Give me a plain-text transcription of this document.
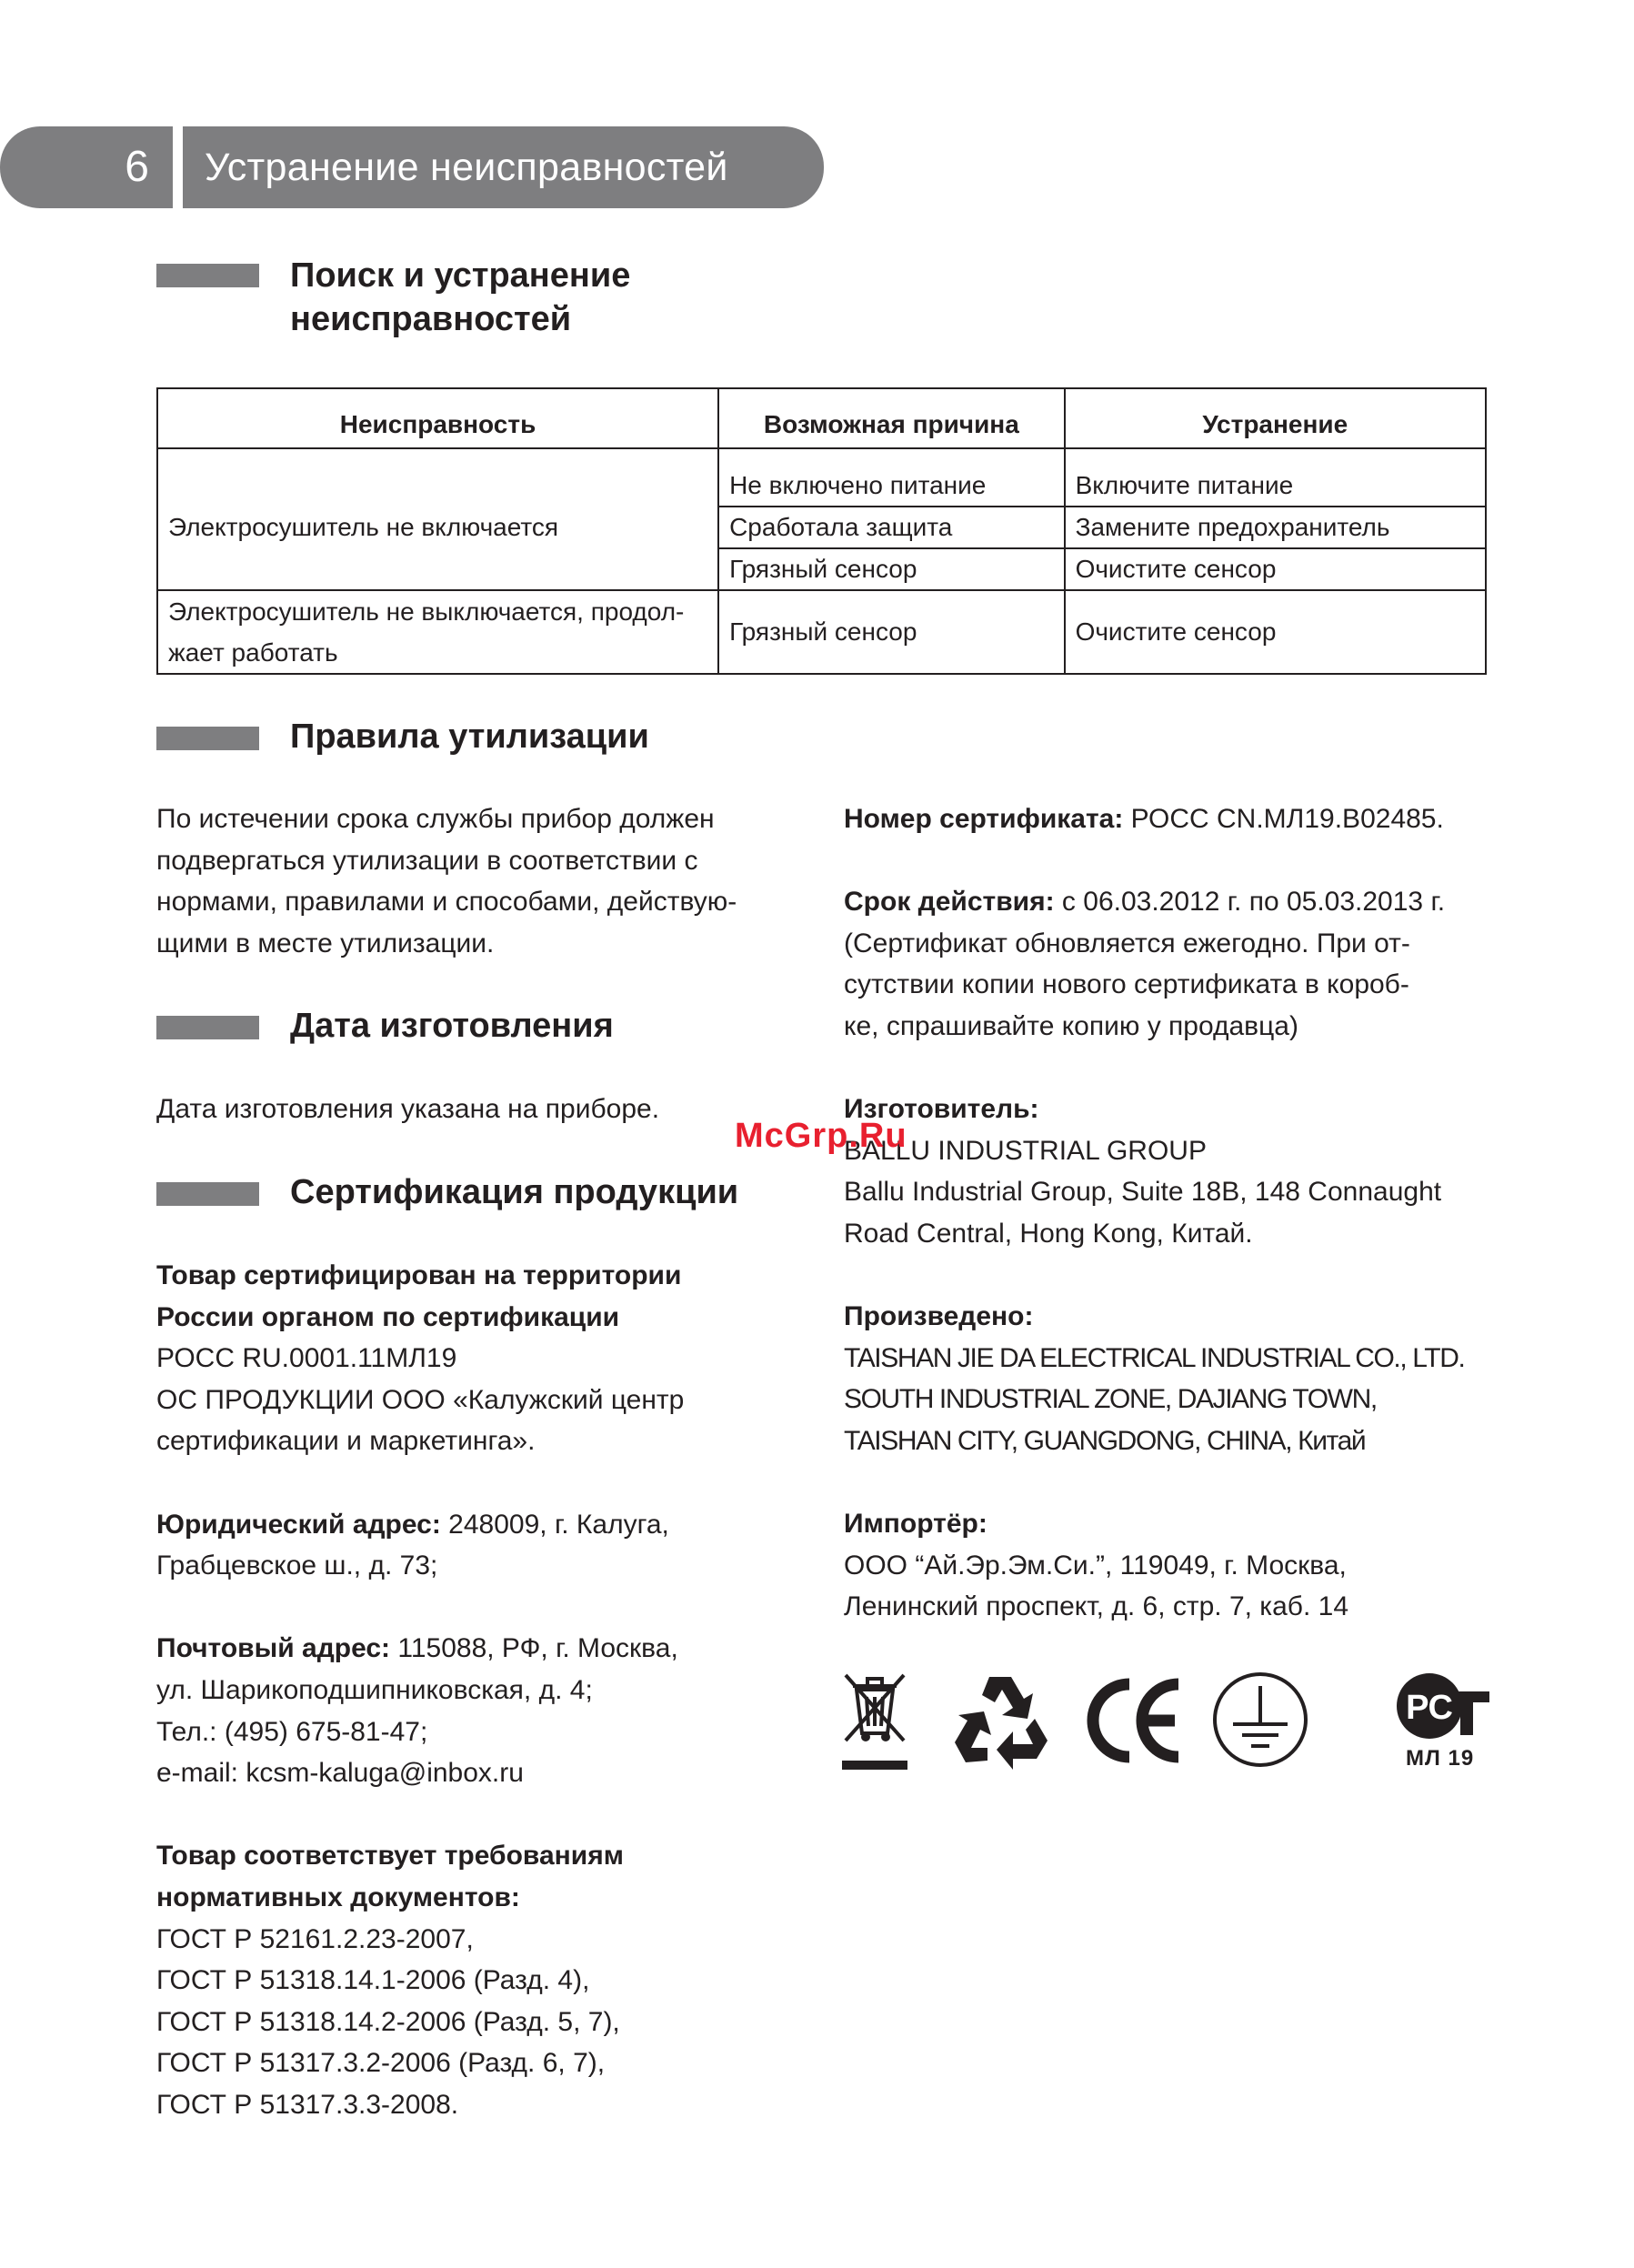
6	Устранение неисправностей
Поиск и устранение
неисправностей
Неисправность	Возможная причина	Устранение
Электросушитель не включается	Не включено питание	Включите питание
	Сработала защита	Замените предохранитель
	Грязный сенсор	Очистите сенсор

Электросушитель не выключается, продол-
жает работать	Грязный сенсор	Очистите сенсор
Правила утилизации
По истечении срока службы прибор должен
подвергаться утилизации в соответствии с
нормами, правилами и способами, действую-
щими в месте утилизации.
Дата изготовления
Дата изготовления указана на приборе.
Сертификация продукции
Товар сертифицирован на территории
России органом по сертификации
РОСС RU.0001.11МЛ19
ОС ПРОДУКЦИИ ООО «Калужский центр
сертификации и маркетинга».
Юридический адрес: 248009, г. Калуга,
Грабцевское ш., д. 73;
Почтовый адрес: 115088, РФ, г. Москва,
ул. Шарикоподшипниковская, д. 4;
Тел.: (495) 675-81-47;
e-mail: kcsm-kaluga@inbox.ru
Товар соответствует требованиям
нормативных документов:
ГОСТ Р 52161.2.23-2007,
ГОСТ Р 51318.14.1-2006 (Разд. 4),
ГОСТ Р 51318.14.2-2006 (Разд. 5, 7),
ГОСТ Р 51317.3.2-2006 (Разд. 6, 7),
ГОСТ Р 51317.3.3-2008.
Номер сертификата: РОСС CN.МЛ19.В02485.
Срок действия: с 06.03.2012 г. по 05.03.2013 г.
(Сертификат обновляется ежегодно. При от-
сутствии копии нового сертификата в короб-
ке, спрашивайте копию у продавца)
Изготовитель:
BALLU INDUSTRIAL GROUP
Ballu Industrial Group, Suite 18B, 148 Connaught
Road Central, Hong Kong, Китай.
Произведено:
TAISHAN JIE DA ELECTRICAL INDUSTRIAL CO., LTD.
SOUTH INDUSTRIAL ZONE, DAJIANG TOWN,
TAISHAN CITY, GUANGDONG, CHINA, Китай
Импортёр:
ООО “Ай.Эр.Эм.Си.”, 119049, г. Москва,
Ленинский проспект, д. 6, стр. 7, каб. 14
McGrp.Ru
РС
МЛ 19
